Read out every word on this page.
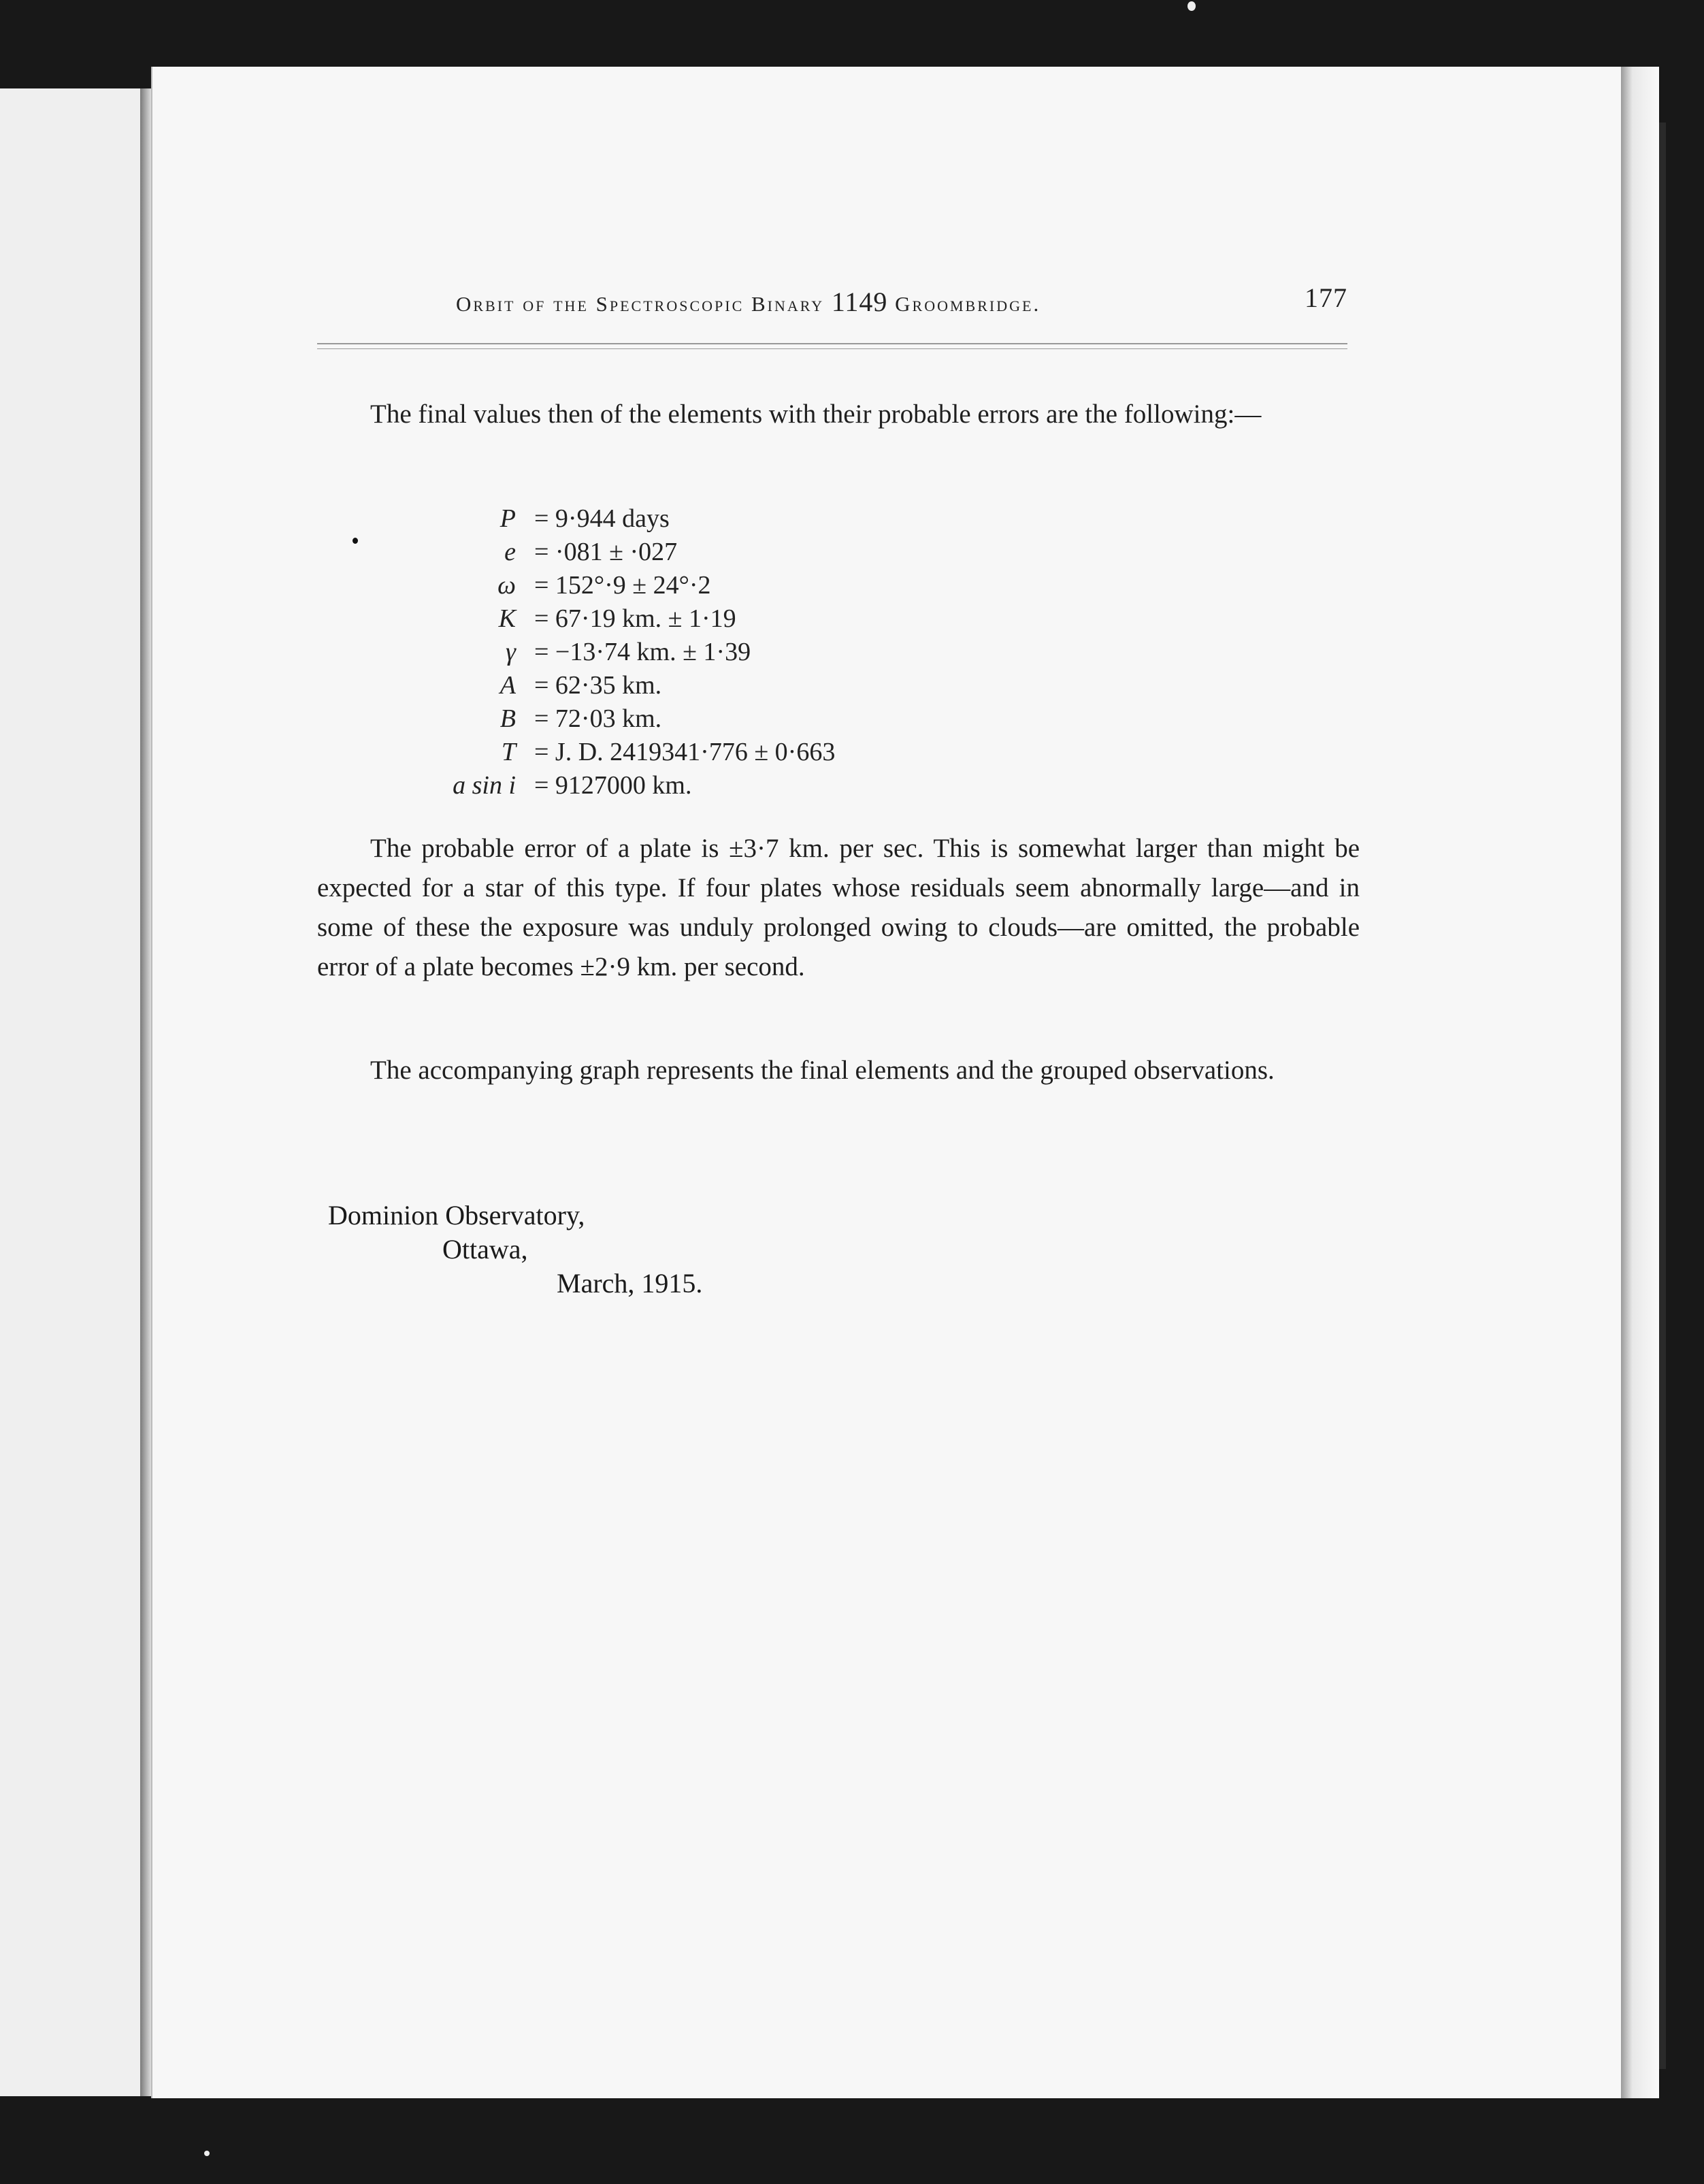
Orbit of the Spectroscopic Binary 1149 Groombridge.	177
The final values then of the elements with their probable errors are the following:—
P = 9·944 days
e = ·081 ± ·027
ω = 152°·9 ± 24°·2
K = 67·19 km. ± 1·19
γ = −13·74 km. ± 1·39
A = 62·35 km.
B = 72·03 km.
T = J. D. 2419341·776 ± 0·663
a sin i = 9127000 km.
The probable error of a plate is ±3·7 km. per sec. This is somewhat larger than might be expected for a star of this type. If four plates whose residuals seem abnormally large—and in some of these the exposure was unduly prolonged owing to clouds—are omitted, the probable error of a plate becomes ±2·9 km. per second.
The accompanying graph represents the final elements and the grouped observations.
Dominion Observatory,
Ottawa,
March, 1915.
